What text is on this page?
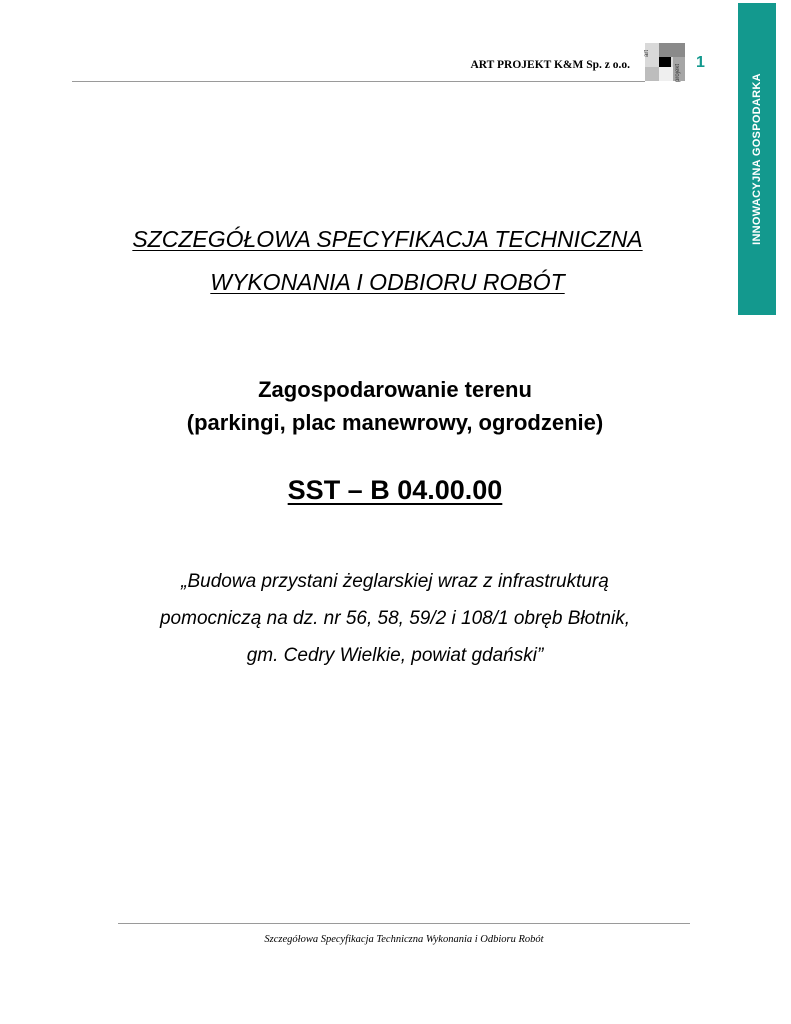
INNOWACYJNA GOSPODARKA
ART PROJEKT K&M Sp. z o.o.
art
projekt
1
SZCZEGÓŁOWA SPECYFIKACJA TECHNICZNA
WYKONANIA I ODBIORU ROBÓT
Zagospodarowanie terenu
(parkingi, plac manewrowy, ogrodzenie)
SST – B 04.00.00
„Budowa przystani żeglarskiej wraz z infrastrukturą
pomocniczą na dz. nr 56, 58, 59/2 i 108/1 obręb Błotnik,
gm. Cedry Wielkie, powiat gdański”
Szczegółowa Specyfikacja Techniczna Wykonania i Odbioru Robót
